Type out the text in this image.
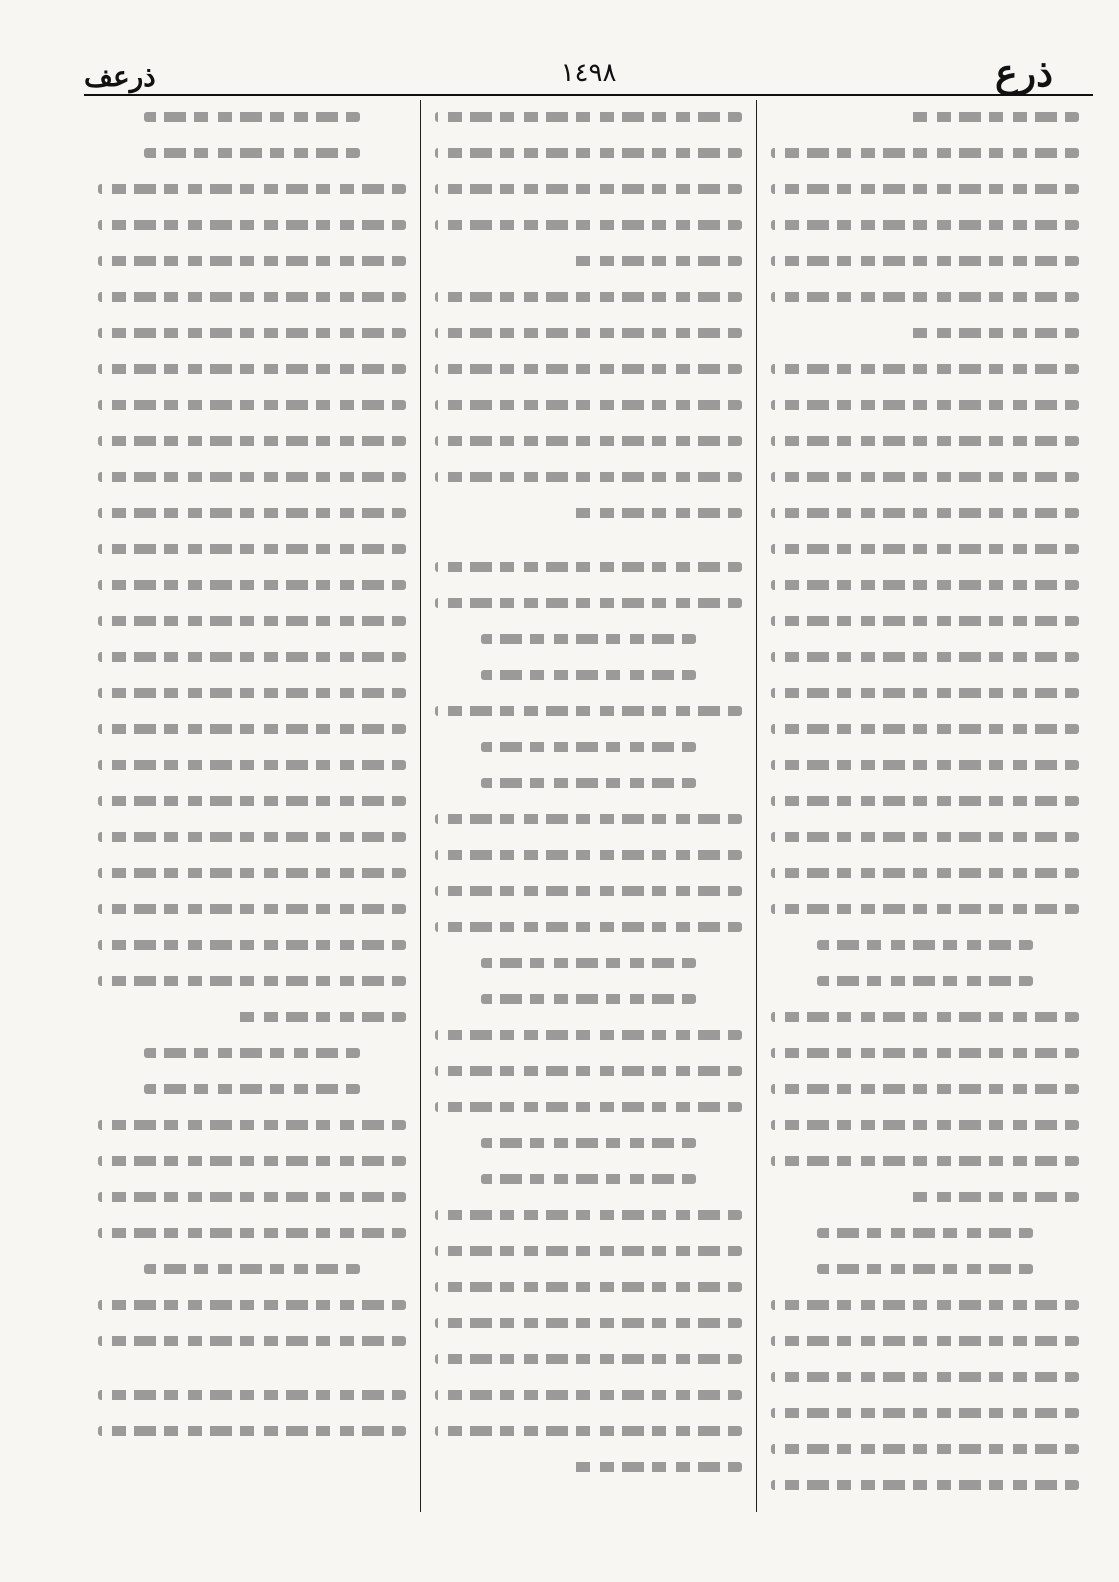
ذرع
١٤٩٨
ذرعف
